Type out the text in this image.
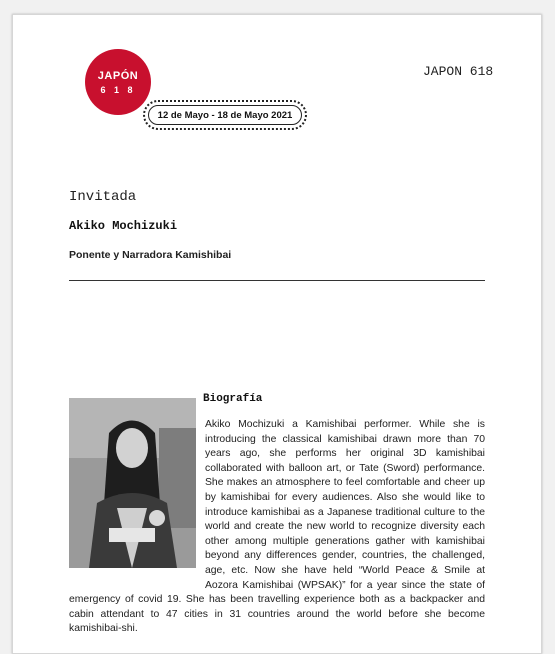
JAPÓN
6 1 8
12 de Mayo - 18 de Mayo 2021
JAPON 618
Invitada
Akiko Mochizuki
Ponente y Narradora Kamishibai
Biografía

Akiko Mochizuki a Kamishibai performer. While she is introducing the classical kamishibai drawn more than 70 years ago, she performs her original 3D kamishibai collaborated with balloon art, or Tate (Sword) performance. She makes an atmosphere to feel comfortable and cheer up by kamishibai for every audiences. Also she would like to introduce kamishibai as a Japanese traditional culture to the world and create the new world to recognize diversity each other among multiple generations gather with kamishibai beyond any differences gender, countries, the challenged, age, etc. Now she have held “World Peace & Smile at Aozora Kamishibai (WPSAK)” for a year since the state of emergency of covid 19. She has been travelling experience both as a backpacker and cabin attendant to 47 cities in 31 countries around the world before she become kamishibai-shi.
